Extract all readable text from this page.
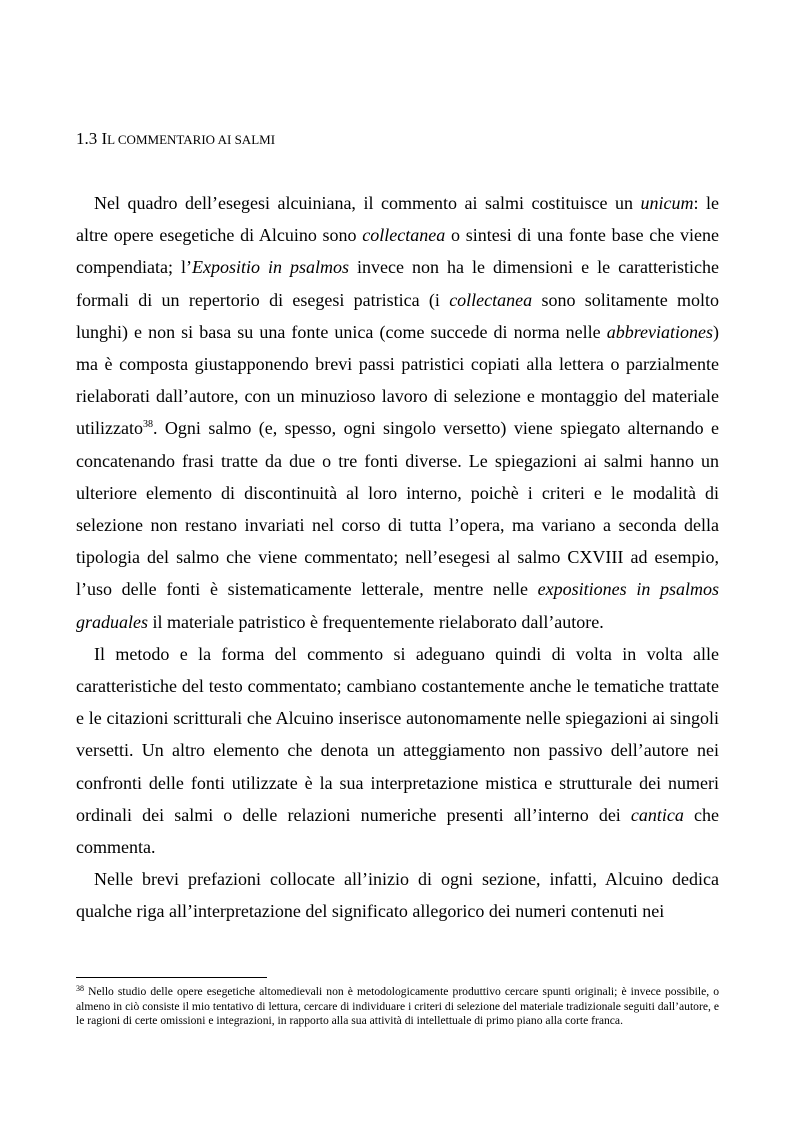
1.3 IL COMMENTARIO AI SALMI

Nel quadro dell’esegesi alcuiniana, il commento ai salmi costituisce un unicum: le altre opere esegetiche di Alcuino sono collectanea o sintesi di una fonte base che viene compendiata; l’Expositio in psalmos invece non ha le dimensioni e le caratteristiche formali di un repertorio di esegesi patristica (i collectanea sono solitamente molto lunghi) e non si basa su una fonte unica (come succede di norma nelle abbreviationes) ma è composta giustapponendo brevi passi patristici copiati alla lettera o parzialmente rielaborati dall’autore, con un minuzioso lavoro di selezione e montaggio del materiale utilizzato$^{38}$. Ogni salmo (e, spesso, ogni singolo versetto) viene spiegato alternando e concatenando frasi tratte da due o tre fonti diverse. Le spiegazioni ai salmi hanno un ulteriore elemento di discontinuità al loro interno, poichè i criteri e le modalità di selezione non restano invariati nel corso di tutta l’opera, ma variano a seconda della tipologia del salmo che viene commentato; nell’esegesi al salmo CXVIII ad esempio, l’uso delle fonti è sistematicamente letterale, mentre nelle expositiones in psalmos graduales il materiale patristico è frequentemente rielaborato dall’autore.

Il metodo e la forma del commento si adeguano quindi di volta in volta alle caratteristiche del testo commentato; cambiano costantemente anche le tematiche trattate e le citazioni scritturali che Alcuino inserisce autonomamente nelle spiegazioni ai singoli versetti. Un altro elemento che denota un atteggiamento non passivo dell’autore nei confronti delle fonti utilizzate è la sua interpretazione mistica e strutturale dei numeri ordinali dei salmi o delle relazioni numeriche presenti all’interno dei cantica che commenta.

Nelle brevi prefazioni collocate all’inizio di ogni sezione, infatti, Alcuino dedica qualche riga all’interpretazione del significato allegorico dei numeri contenuti nei

$^{38}$ Nello studio delle opere esegetiche altomedievali non è metodologicamente produttivo cercare spunti originali; è invece possibile, o almeno in ciò consiste il mio tentativo di lettura, cercare di individuare i criteri di selezione del materiale tradizionale seguiti dall’autore, e le ragioni di certe omissioni e integrazioni, in rapporto alla sua attività di intellettuale di primo piano alla corte franca.
